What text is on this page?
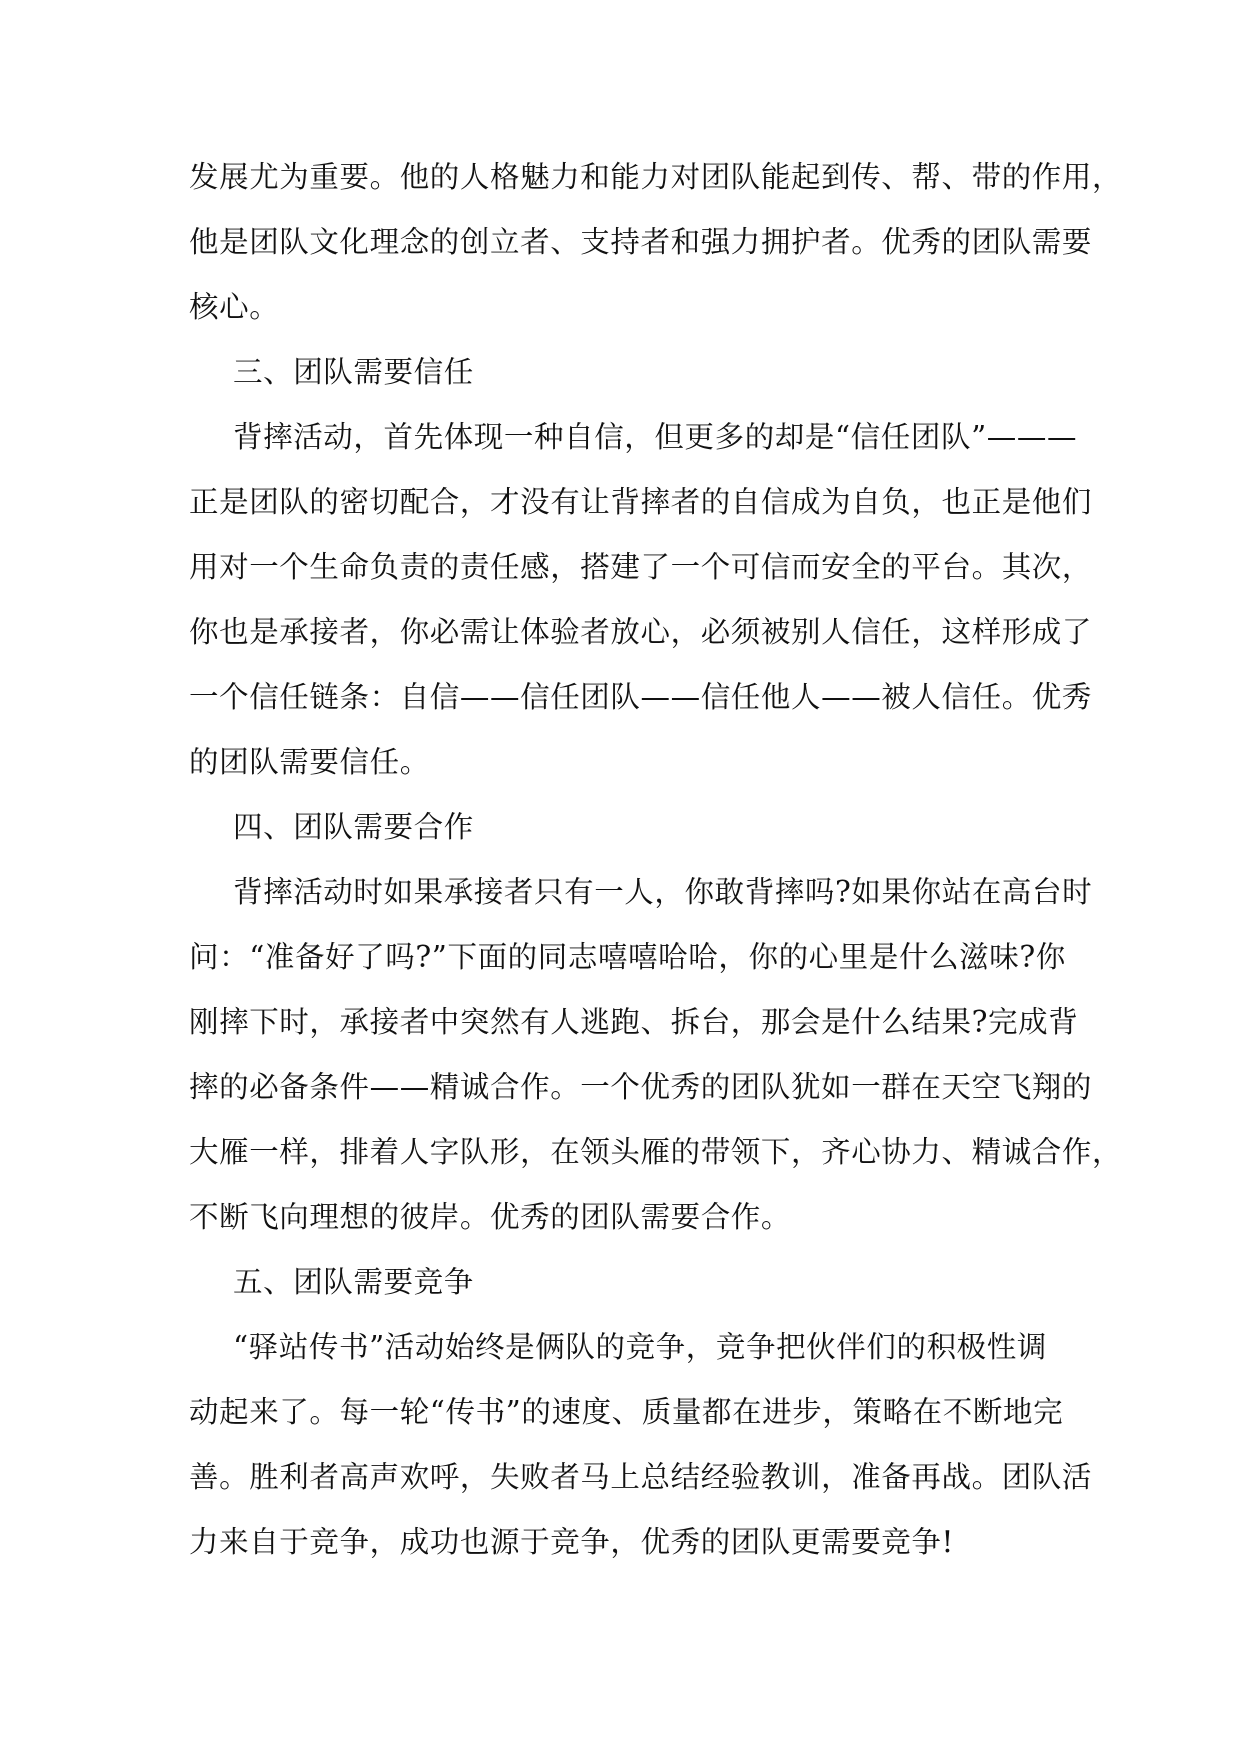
发展尤为重要。他的人格魅力和能力对团队能起到传、帮、带的作用，
他是团队文化理念的创立者、支持者和强力拥护者。优秀的团队需要
核心。
三、团队需要信任
背摔活动，首先体现一种自信，但更多的却是“信任团队”———
正是团队的密切配合，才没有让背摔者的自信成为自负，也正是他们
用对一个生命负责的责任感，搭建了一个可信而安全的平台。其次，
你也是承接者，你必需让体验者放心，必须被别人信任，这样形成了
一个信任链条：自信——信任团队——信任他人——被人信任。优秀
的团队需要信任。
四、团队需要合作
背摔活动时如果承接者只有一人，你敢背摔吗?如果你站在高台时
问：“准备好了吗?”下面的同志嘻嘻哈哈，你的心里是什么滋味?你
刚摔下时，承接者中突然有人逃跑、拆台，那会是什么结果?完成背
摔的必备条件——精诚合作。一个优秀的团队犹如一群在天空飞翔的
大雁一样，排着人字队形，在领头雁的带领下，齐心协力、精诚合作，
不断飞向理想的彼岸。优秀的团队需要合作。
五、团队需要竞争
“驿站传书”活动始终是俩队的竞争，竞争把伙伴们的积极性调
动起来了。每一轮“传书”的速度、质量都在进步，策略在不断地完
善。胜利者高声欢呼，失败者马上总结经验教训，准备再战。团队活
力来自于竞争，成功也源于竞争，优秀的团队更需要竞争!
